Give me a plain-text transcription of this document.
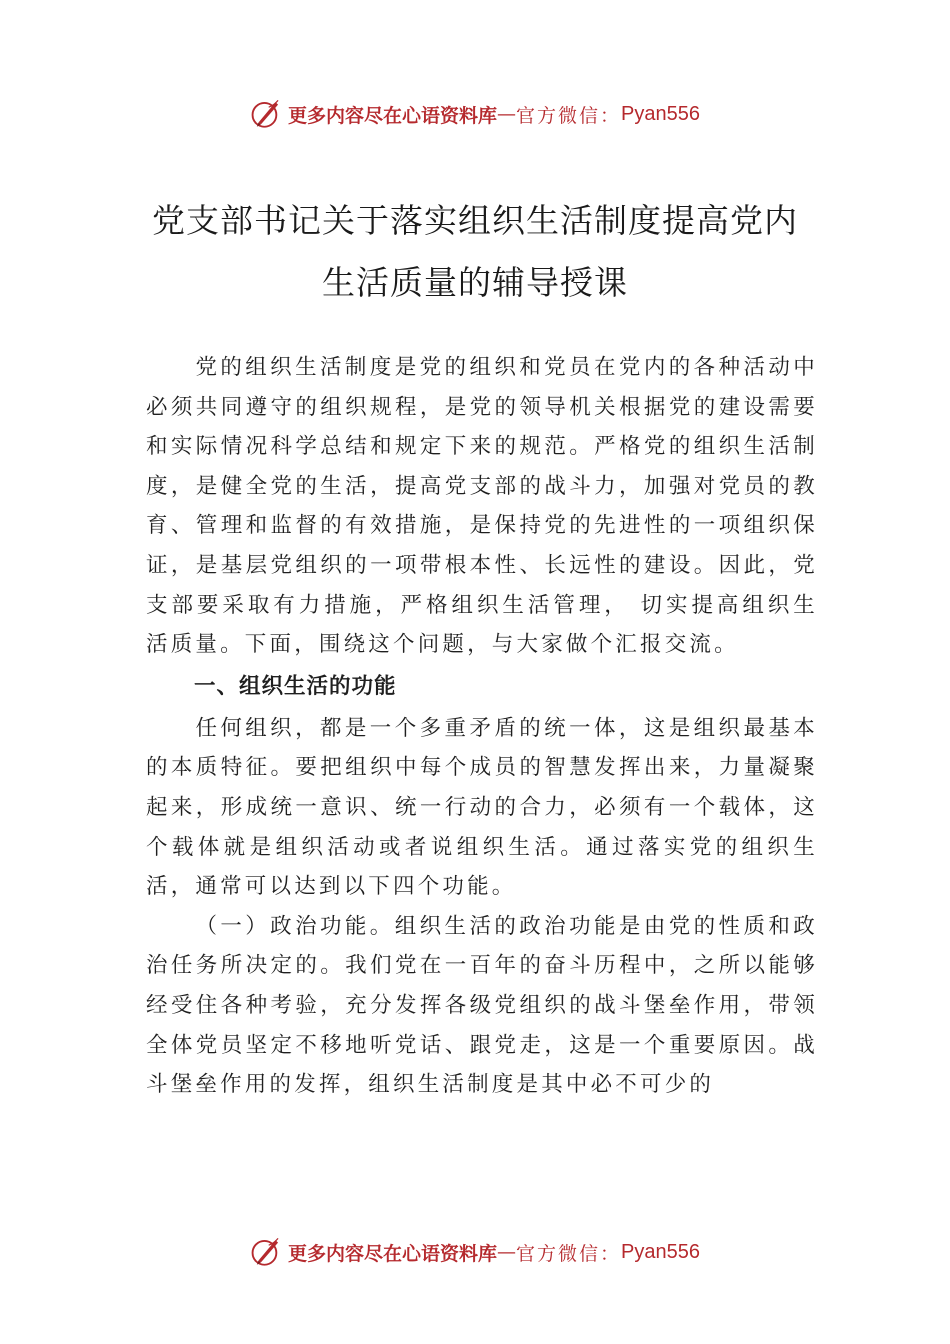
更多内容尽在心语资料库 — 官方微信： Pyan556
党支部书记关于落实组织生活制度提高党内生活质量的辅导授课

党的组织生活制度是党的组织和党员在党内的各种活动中必须共同遵守的组织规程，是党的领导机关根据党的建设需要和实际情况科学总结和规定下来的规范。严格党的组织生活制度，是健全党的生活，提高党支部的战斗力，加强对党员的教育、管理和监督的有效措施，是保持党的先进性的一项组织保证，是基层党组织的一项带根本性、长远性的建设。因此，党支部要采取有力措施，严格组织生活管理， 切实提高组织生活质量。下面，围绕这个问题，与大家做个汇报交流。

一、组织生活的功能

任何组织，都是一个多重矛盾的统一体，这是组织最基本的本质特征。要把组织中每个成员的智慧发挥出来，力量凝聚起来，形成统一意识、统一行动的合力，必须有一个载体，这个载体就是组织活动或者说组织生活。通过落实党的组织生活，通常可以达到以下四个功能。

（一）政治功能。组织生活的政治功能是由党的性质和政治任务所决定的。我们党在一百年的奋斗历程中，之所以能够经受住各种考验，充分发挥各级党组织的战斗堡垒作用，带领全体党员坚定不移地听党话、跟党走，这是一个重要原因。战斗堡垒作用的发挥，组织生活制度是其中必不可少的

更多内容尽在心语资料库 — 官方微信： Pyan556
